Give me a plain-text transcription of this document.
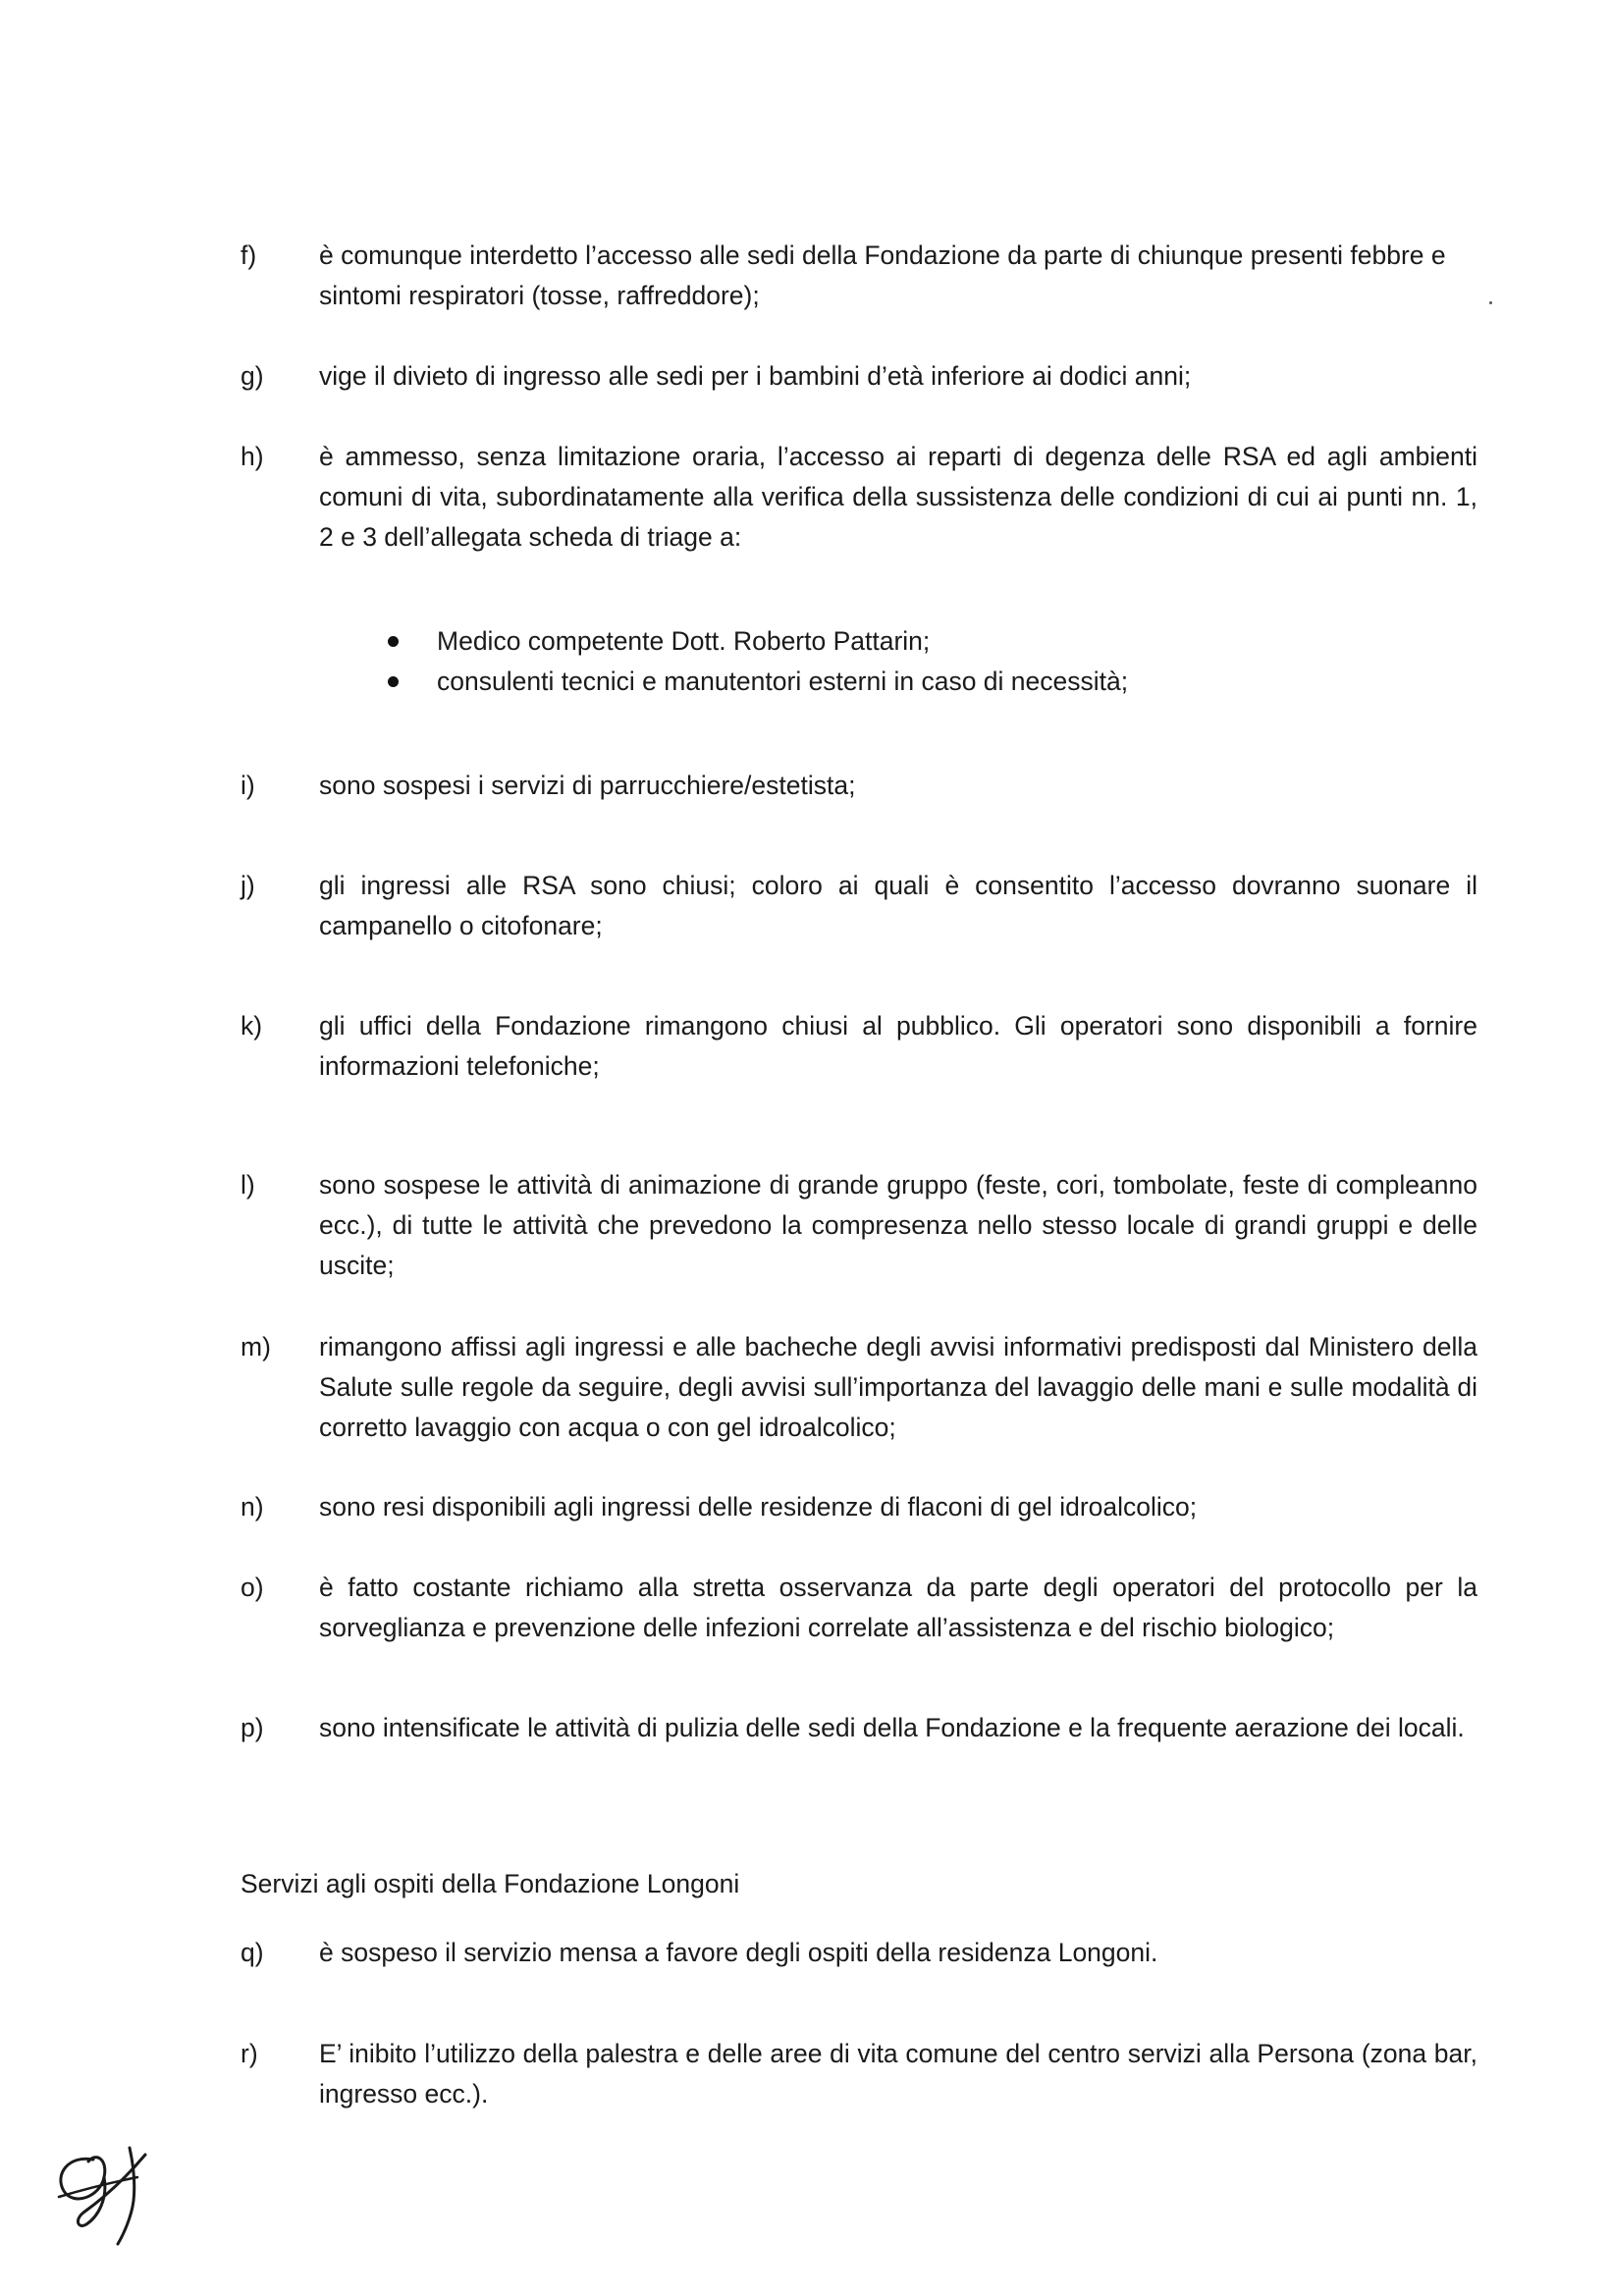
f)	è comunque interdetto l’accesso alle sedi della Fondazione da parte di chiunque presenti febbre e sintomi respiratori (tosse, raffreddore);
g)	vige il divieto di ingresso alle sedi per i bambini d’età inferiore ai dodici anni;
h)	è ammesso, senza limitazione oraria, l’accesso ai reparti di degenza delle RSA ed agli ambienti comuni di vita, subordinatamente alla verifica della sussistenza delle condizioni di cui ai punti nn. 1, 2 e 3 dell’allegata scheda di triage a:
Medico competente Dott. Roberto Pattarin;
consulenti tecnici e manutentori esterni in caso di necessità;
i)	sono sospesi i servizi di parrucchiere/estetista;
j)	gli ingressi alle RSA sono chiusi; coloro ai quali è consentito l’accesso dovranno suonare il campanello o citofonare;
k)	gli uffici della Fondazione rimangono chiusi al pubblico. Gli operatori sono disponibili a fornire informazioni telefoniche;
l)	sono sospese le attività di animazione di grande gruppo (feste, cori, tombolate, feste di compleanno ecc.), di tutte le attività che prevedono la compresenza nello stesso locale di grandi gruppi e delle uscite;
m)	rimangono affissi agli ingressi e alle bacheche degli avvisi informativi predisposti dal Ministero della Salute sulle regole da seguire, degli avvisi sull’importanza del lavaggio delle mani e sulle modalità di corretto lavaggio con acqua o con gel idroalcolico;
n)	sono resi disponibili agli ingressi delle residenze di flaconi di gel idroalcolico;
o)	è fatto costante richiamo alla stretta osservanza da parte degli operatori del protocollo per la sorveglianza e prevenzione delle infezioni correlate all’assistenza e del rischio biologico;
p)	sono intensificate le attività di pulizia delle sedi della Fondazione e la frequente aerazione dei locali.
Servizi agli ospiti della Fondazione Longoni
q)	è sospeso il servizio mensa a favore degli ospiti della residenza Longoni.
r)	E’ inibito l’utilizzo della palestra e delle aree di vita comune del centro servizi alla Persona (zona bar, ingresso ecc.).
